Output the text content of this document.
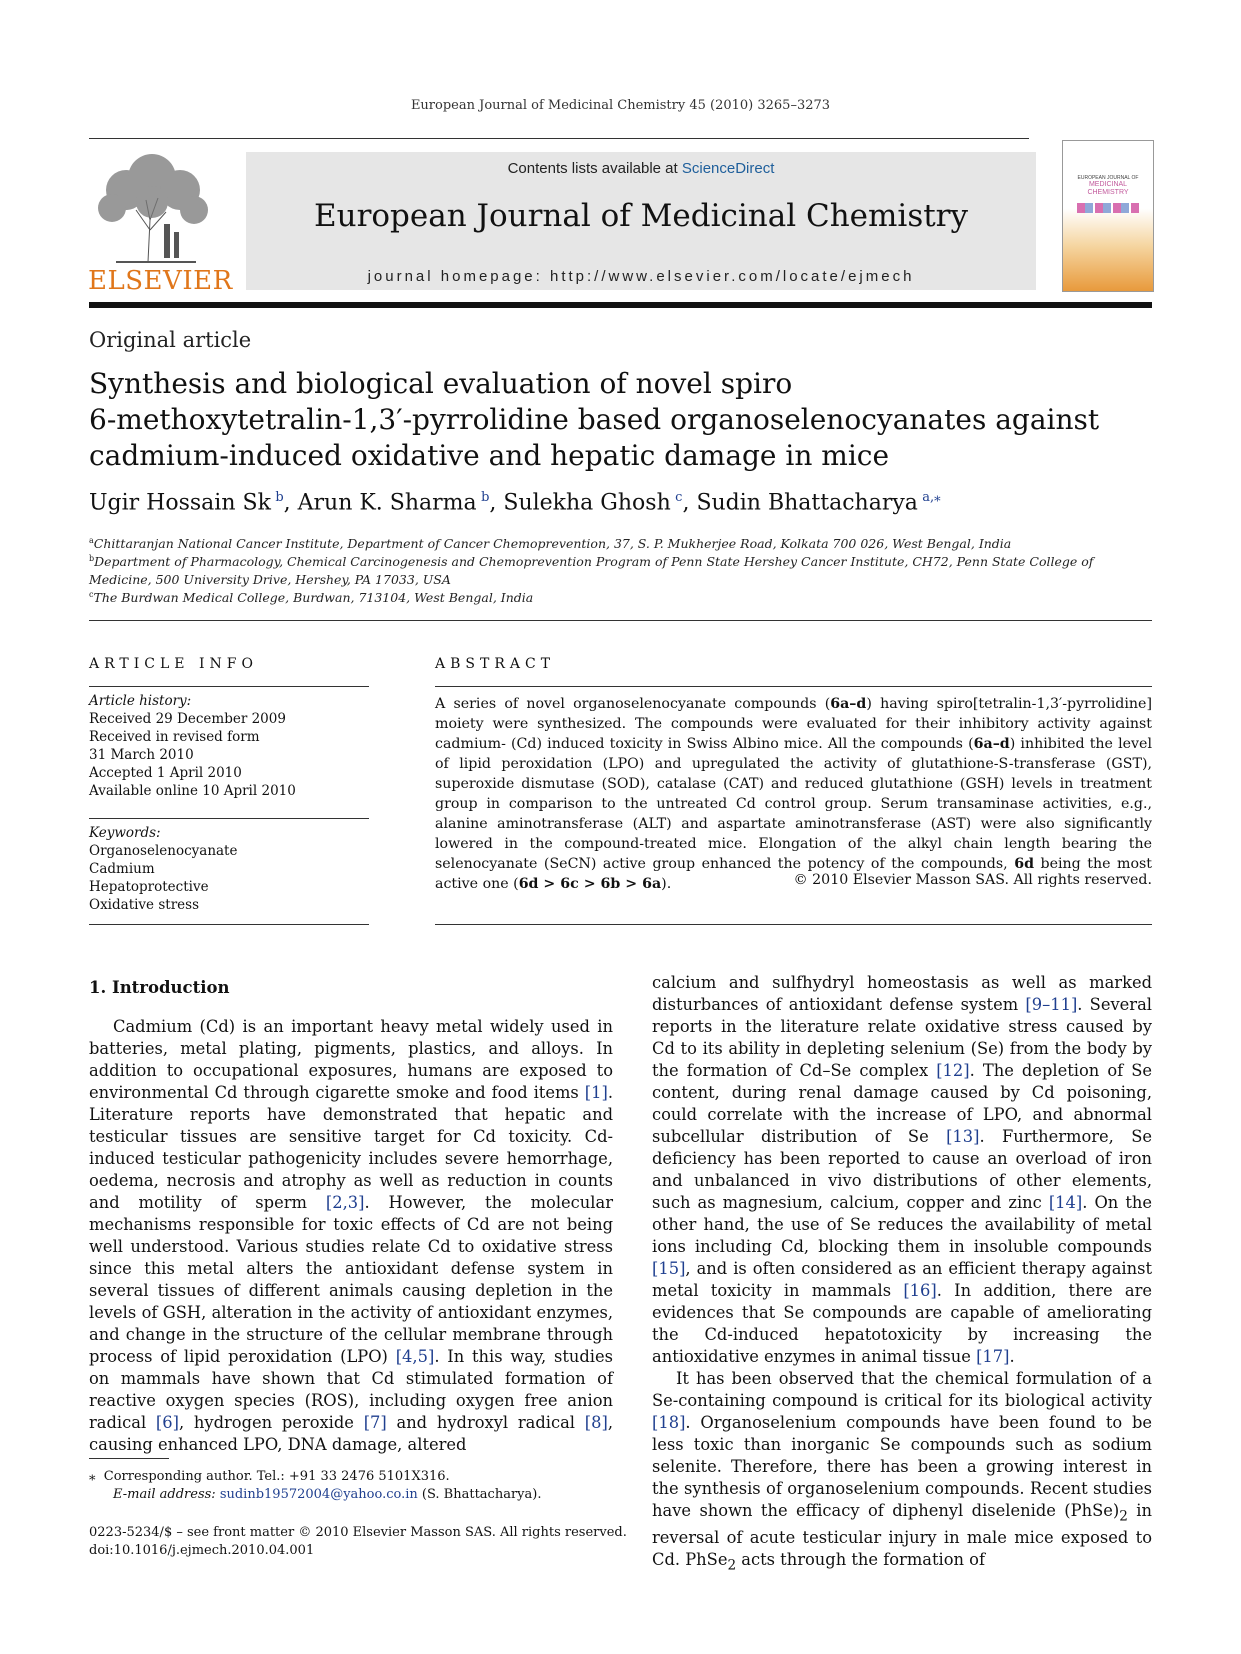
European Journal of Medicinal Chemistry 45 (2010) 3265–3273
ELSEVIER
Contents lists available at ScienceDirect
European Journal of Medicinal Chemistry
journal homepage: http://www.elsevier.com/locate/ejmech
EUROPEAN JOURNAL OF
MEDICINAL
CHEMISTRY
Original article
Synthesis and biological evaluation of novel spiro
6-methoxytetralin-1,3′-pyrrolidine based organoselenocyanates against
cadmium-induced oxidative and hepatic damage in mice
Ugir Hossain Sk  $^b$, Arun K. Sharma  $^b$, Sulekha Ghosh  $^c$, Sudin Bhattacharya  $^{a,⁎}$
$^a$Chittaranjan National Cancer Institute, Department of Cancer Chemoprevention, 37, S. P. Mukherjee Road, Kolkata 700 026, West Bengal, India
$^b$Department of Pharmacology, Chemical Carcinogenesis and Chemoprevention Program of Penn State Hershey Cancer Institute, CH72, Penn State College of Medicine, 500 University Drive, Hershey, PA 17033, USA
$^c$The Burdwan Medical College, Burdwan, 713104, West Bengal, India
ARTICLE INFO
Article history:
Received 29 December 2009
Received in revised form
31 March 2010
Accepted 1 April 2010
Available online 10 April 2010
Keywords:
Organoselenocyanate
Cadmium
Hepatoprotective
Oxidative stress
ABSTRACT
A series of novel organoselenocyanate compounds (6a–d) having spiro[tetralin-1,3′-pyrrolidine] moiety were synthesized. The compounds were evaluated for their inhibitory activity against cadmium- (Cd) induced toxicity in Swiss Albino mice. All the compounds (6a–d) inhibited the level of lipid peroxidation (LPO) and upregulated the activity of glutathione-S-transferase (GST), superoxide dismutase (SOD), catalase (CAT) and reduced glutathione (GSH) levels in treatment group in comparison to the untreated Cd control group. Serum transaminase activities, e.g., alanine aminotransferase (ALT) and aspartate aminotransferase (AST) were also significantly lowered in the compound-treated mice. Elongation of the alkyl chain length bearing the selenocyanate (SeCN) active group enhanced the potency of the compounds, 6d being the most active one (6d > 6c > 6b > 6a).	© 2010 Elsevier Masson SAS. All rights reserved.
1. Introduction

Cadmium (Cd) is an important heavy metal widely used in batteries, metal plating, pigments, plastics, and alloys. In addition to occupational exposures, humans are exposed to environmental Cd through cigarette smoke and food items [1]. Literature reports have demonstrated that hepatic and testicular tissues are sensitive target for Cd toxicity. Cd-induced testicular pathogenicity includes severe hemorrhage, oedema, necrosis and atrophy as well as reduction in counts and motility of sperm [2,3]. However, the molecular mechanisms responsible for toxic effects of Cd are not being well understood. Various studies relate Cd to oxidative stress since this metal alters the antioxidant defense system in several tissues of different animals causing depletion in the levels of GSH, alteration in the activity of antioxidant enzymes, and change in the structure of the cellular membrane through process of lipid peroxidation (LPO) [4,5]. In this way, studies on mammals have shown that Cd stimulated formation of reactive oxygen species (ROS), including oxygen free anion radical [6], hydrogen peroxide [7] and hydroxyl radical [8], causing enhanced LPO, DNA damage, altered

calcium and sulfhydryl homeostasis as well as marked disturbances of antioxidant defense system [9–11]. Several reports in the literature relate oxidative stress caused by Cd to its ability in depleting selenium (Se) from the body by the formation of Cd–Se complex [12]. The depletion of Se content, during renal damage caused by Cd poisoning, could correlate with the increase of LPO, and abnormal subcellular distribution of Se [13]. Furthermore, Se deficiency has been reported to cause an overload of iron and unbalanced in vivo distributions of other elements, such as magnesium, calcium, copper and zinc [14]. On the other hand, the use of Se reduces the availability of metal ions including Cd, blocking them in insoluble compounds [15], and is often considered as an efficient therapy against metal toxicity in mammals [16]. In addition, there are evidences that Se compounds are capable of ameliorating the Cd-induced hepatotoxicity by increasing the antioxidative enzymes in animal tissue [17].

It has been observed that the chemical formulation of a Se-containing compound is critical for its biological activity [18]. Organoselenium compounds have been found to be less toxic than inorganic Se compounds such as sodium selenite. Therefore, there has been a growing interest in the synthesis of organoselenium compounds. Recent studies have shown the efficacy of diphenyl diselenide $(PhSe)_2$ in reversal of acute testicular injury in male mice exposed to Cd. PhSe$_2$ acts through the formation of

⁎ Corresponding author. Tel.: +91 33 2476 5101X316.
E-mail address: sudinb19572004@yahoo.co.in (S. Bhattacharya).
0223-5234/$ – see front matter © 2010 Elsevier Masson SAS. All rights reserved.
doi:10.1016/j.ejmech.2010.04.001
